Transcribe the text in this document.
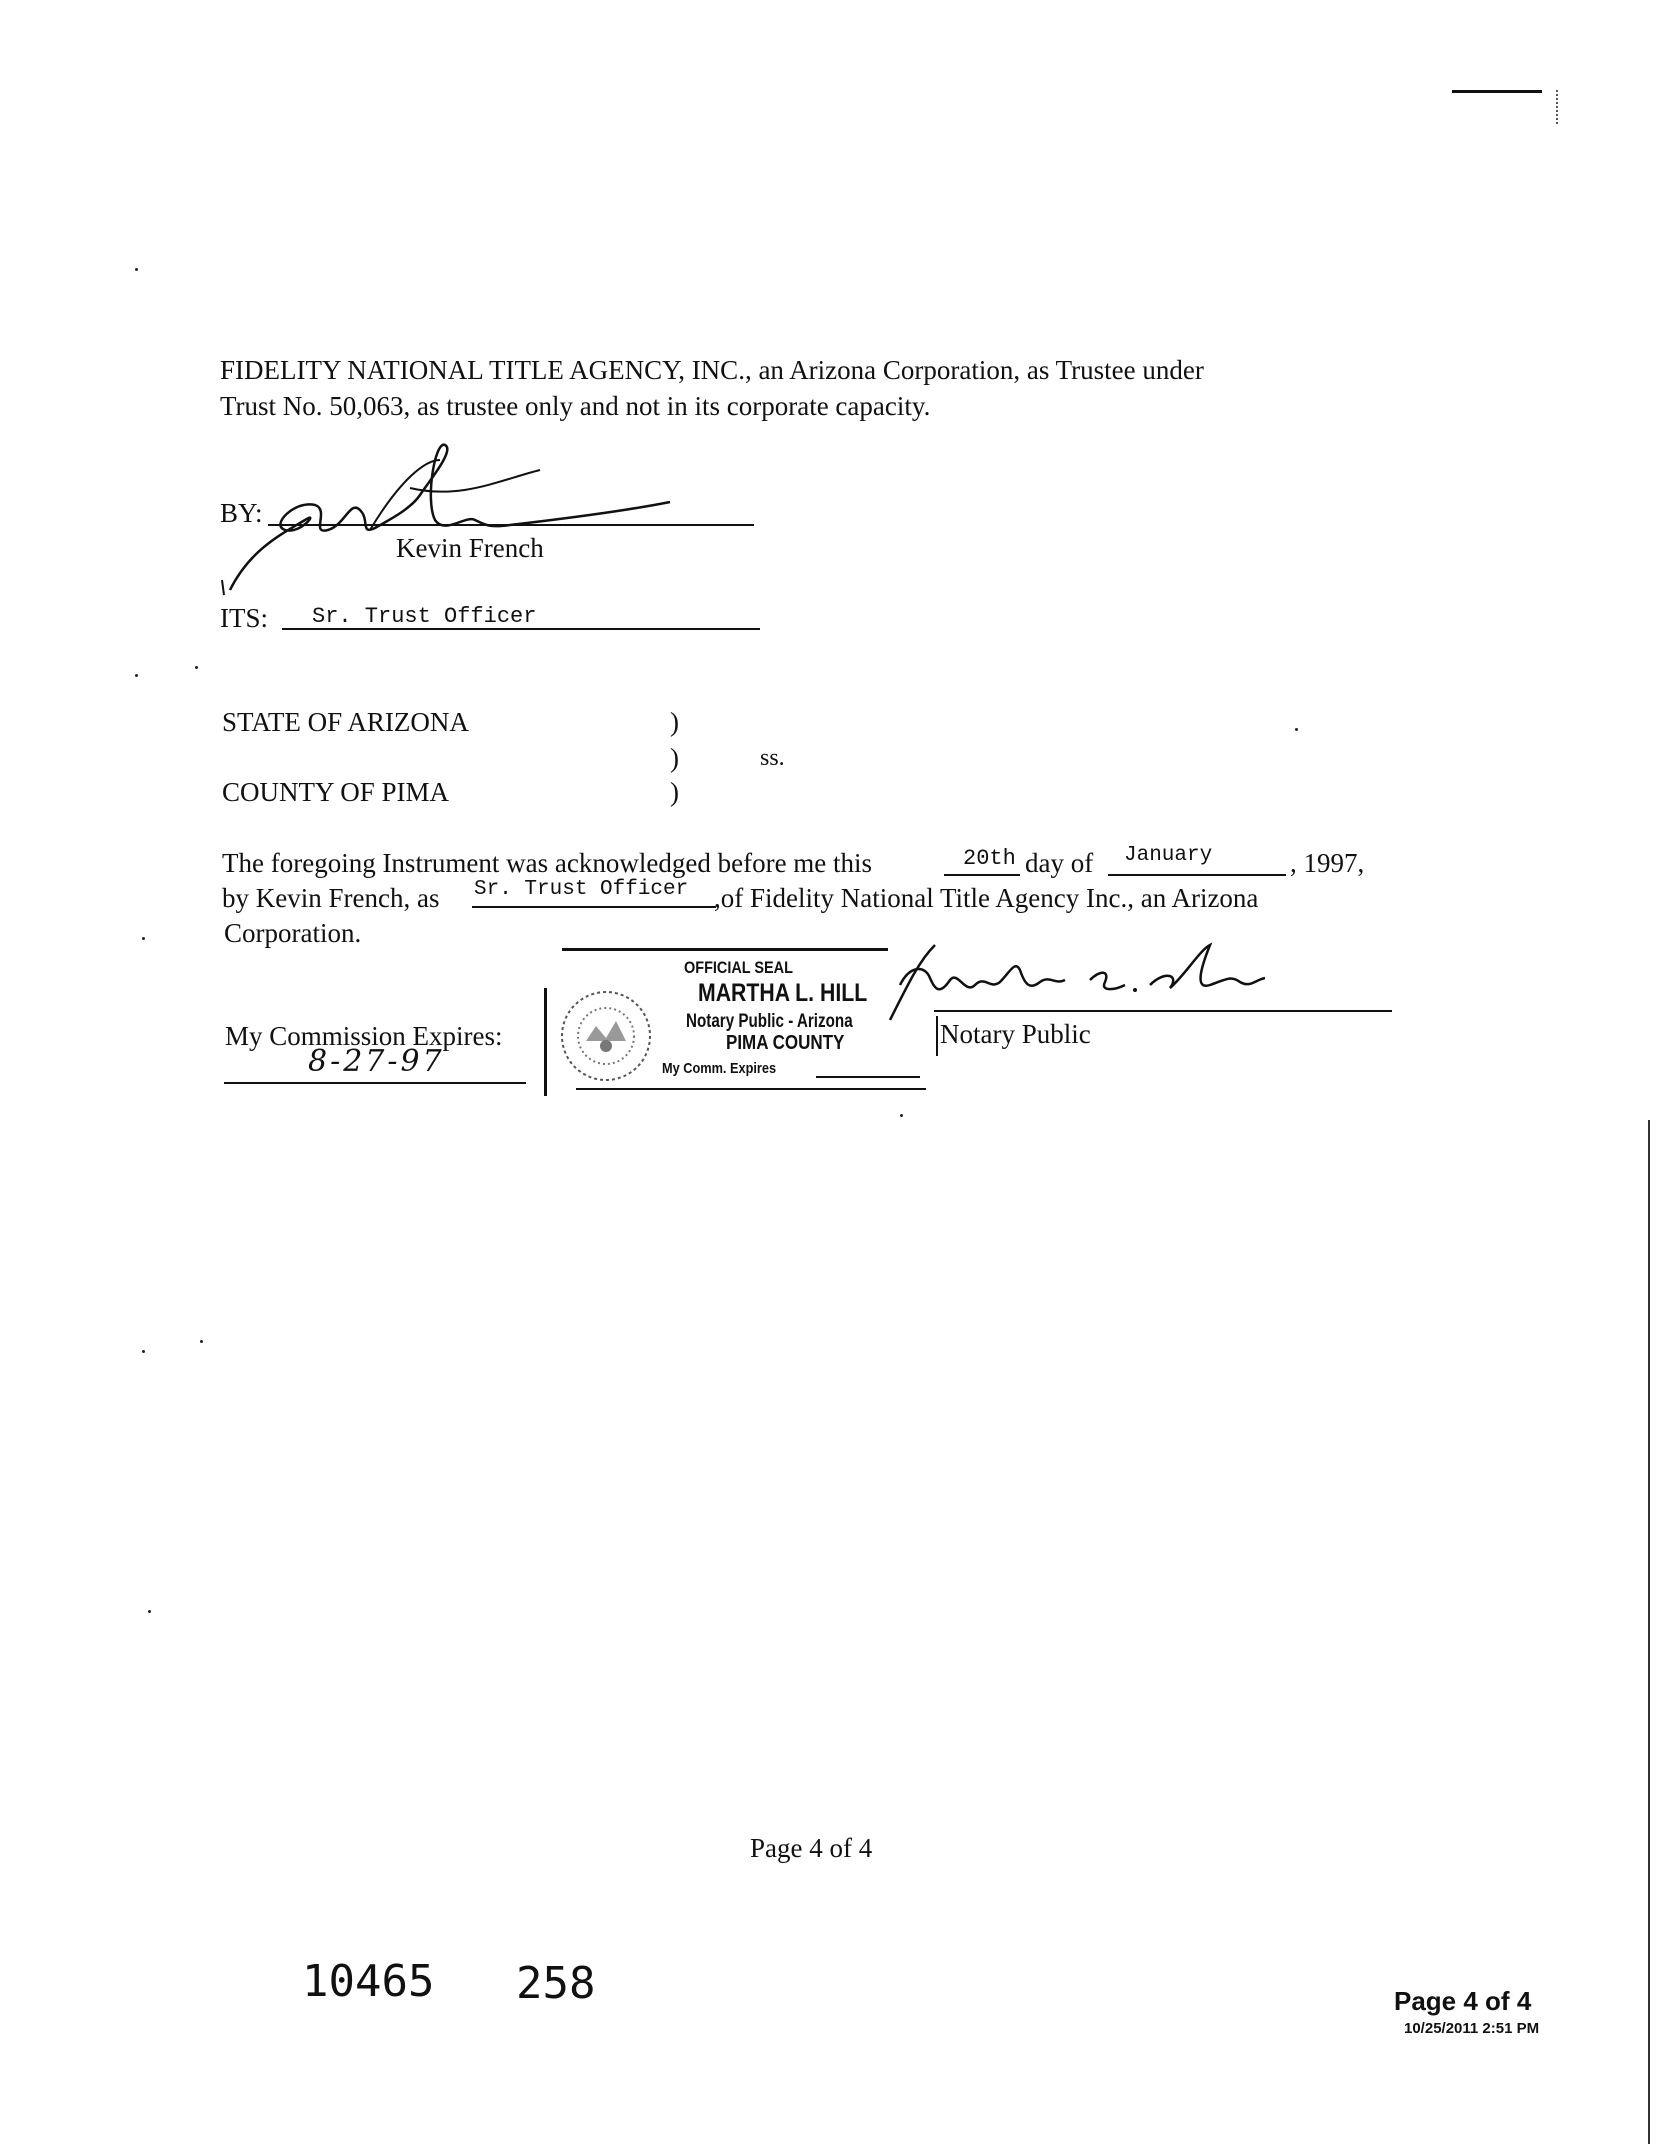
FIDELITY NATIONAL TITLE AGENCY, INC., an Arizona Corporation, as Trustee under
Trust No. 50,063, as trustee only and not in its corporate capacity.
BY:
Kevin French
ITS: Sr. Trust Officer
STATE OF ARIZONA	)
)	ss.
COUNTY OF PIMA	)
The foregoing Instrument was acknowledged before me this	20th day of January	, 1997,
by Kevin French, as Sr. Trust Officer ,of Fidelity National Title Agency Inc., an Arizona
Corporation.
OFFICIAL SEAL
MARTHA L. HILL
Notary Public - Arizona
PIMA COUNTY
My Comm. Expires
Notary Public
My Commission Expires:
8-27-97
Page 4 of 4
10465 258	Page 4 of 4
10/25/2011 2:51 PM
